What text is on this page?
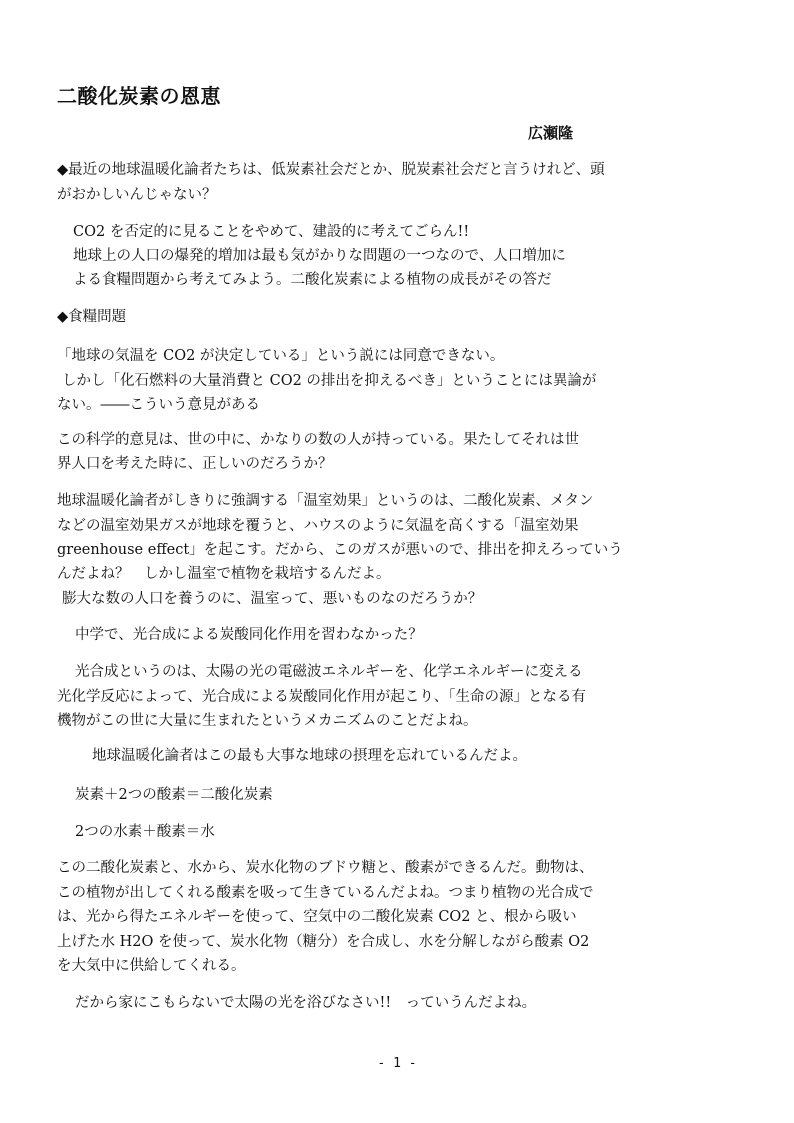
二酸化炭素の恩恵
広瀬隆
◆最近の地球温暖化論者たちは、低炭素社会だとか、脱炭素社会だと言うけれど、頭
がおかしいんじゃない？
CO2 を否定的に見ることをやめて、建設的に考えてごらん!!
地球上の人口の爆発的増加は最も気がかりな問題の一つなので、人口増加に
よる食糧問題から考えてみよう。二酸化炭素による植物の成長がその答だ
◆食糧問題
「地球の気温を CO2 が決定している」という説には同意できない。
しかし「化石燃料の大量消費と CO2 の排出を抑えるべき」ということには異論が
ない。――こういう意見がある
この科学的意見は、世の中に、かなりの数の人が持っている。果たしてそれは世
界人口を考えた時に、正しいのだろうか？
地球温暖化論者がしきりに強調する「温室効果」というのは、二酸化炭素、メタン
などの温室効果ガスが地球を覆うと、ハウスのように気温を高くする「温室効果
greenhouse effect」を起こす。だから、このガスが悪いので、排出を抑えろっていう
んだよね？　しかし温室で植物を栽培するんだよ。
膨大な数の人口を養うのに、温室って、悪いものなのだろうか？
中学で、光合成による炭酸同化作用を習わなかった？
光合成というのは、太陽の光の電磁波エネルギーを、化学エネルギーに変える
光化学反応によって、光合成による炭酸同化作用が起こり、「生命の源」となる有
機物がこの世に大量に生まれたというメカニズムのことだよね。
地球温暖化論者はこの最も大事な地球の摂理を忘れているんだよ。
炭素＋2つの酸素＝二酸化炭素
2つの水素＋酸素＝水
この二酸化炭素と、水から、炭水化物のブドウ糖と、酸素ができるんだ。動物は、
この植物が出してくれる酸素を吸って生きているんだよね。つまり植物の光合成で
は、光から得たエネルギーを使って、空気中の二酸化炭素 CO2 と、根から吸い
上げた水 H2O を使って、炭水化物（糖分）を合成し、水を分解しながら酸素 O2
を大気中に供給してくれる。
だから家にこもらないで太陽の光を浴びなさい!!　っていうんだよね。
- 1 -
